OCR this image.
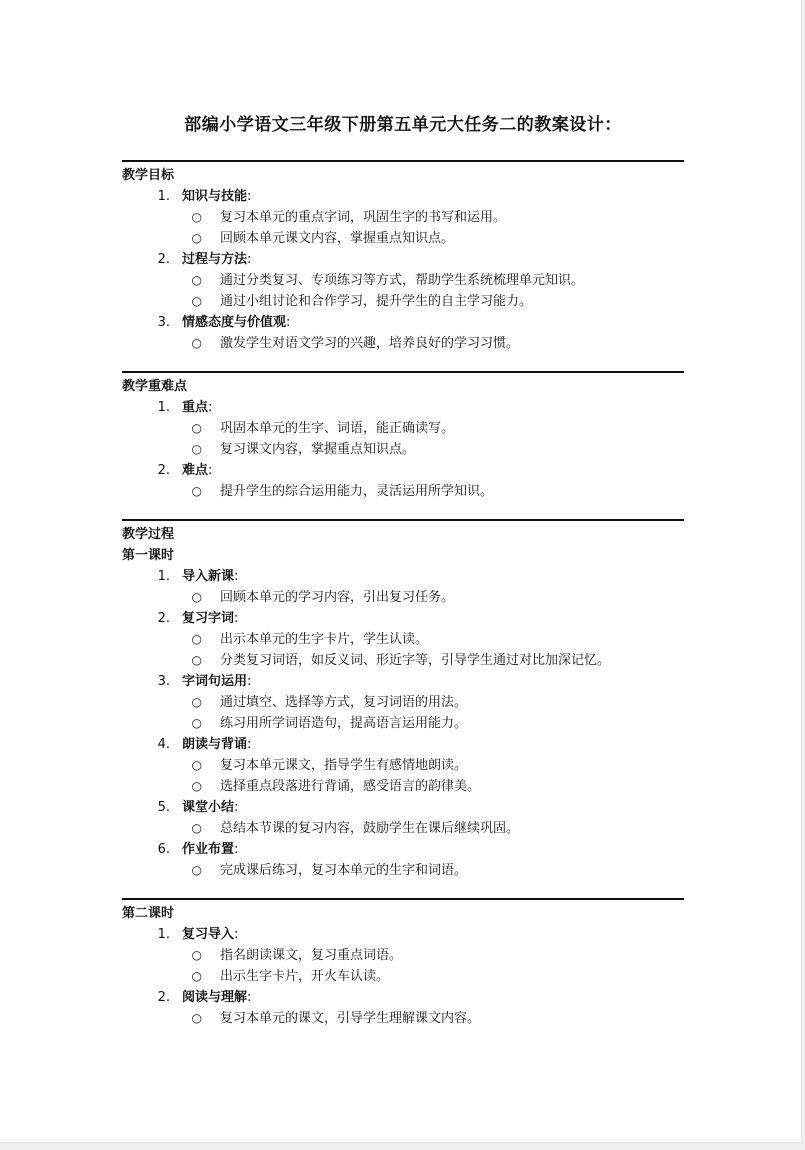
部编小学语文三年级下册第五单元大任务二的教案设计：
教学目标
1. 知识与技能 :
○	复习本单元的重点字词，巩固生字的书写和运用。
○	回顾本单元课文内容，掌握重点知识点。
2. 过程与方法 :
○	通过分类复习、专项练习等方式，帮助学生系统梳理单元知识。
○	通过小组讨论和合作学习，提升学生的自主学习能力。
3. 情感态度与价值观 :
○	激发学生对语文学习的兴趣，培养良好的学习习惯。
教学重难点
1. 重点 :
○	巩固本单元的生字、词语，能正确读写。
○	复习课文内容，掌握重点知识点。
2. 难点 :
○	提升学生的综合运用能力，灵活运用所学知识。
教学过程
第一课时
1. 导入新课 :
○	回顾本单元的学习内容，引出复习任务。
2. 复习字词 :
○	出示本单元的生字卡片，学生认读。
○	分类复习词语，如反义词、形近字等，引导学生通过对比加深记忆。
3. 字词句运用 :
○	通过填空、选择等方式，复习词语的用法。
○	练习用所学词语造句，提高语言运用能力。
4. 朗读与背诵 :
○	复习本单元课文，指导学生有感情地朗读。
○	选择重点段落进行背诵，感受语言的韵律美。
5. 课堂小结 :
○	总结本节课的复习内容，鼓励学生在课后继续巩固。
6. 作业布置 :
○	完成课后练习，复习本单元的生字和词语。
第二课时
1. 复习导入 :
○	指名朗读课文，复习重点词语。
○	出示生字卡片，开火车认读。
2. 阅读与理解 :
○	复习本单元的课文，引导学生理解课文内容。
